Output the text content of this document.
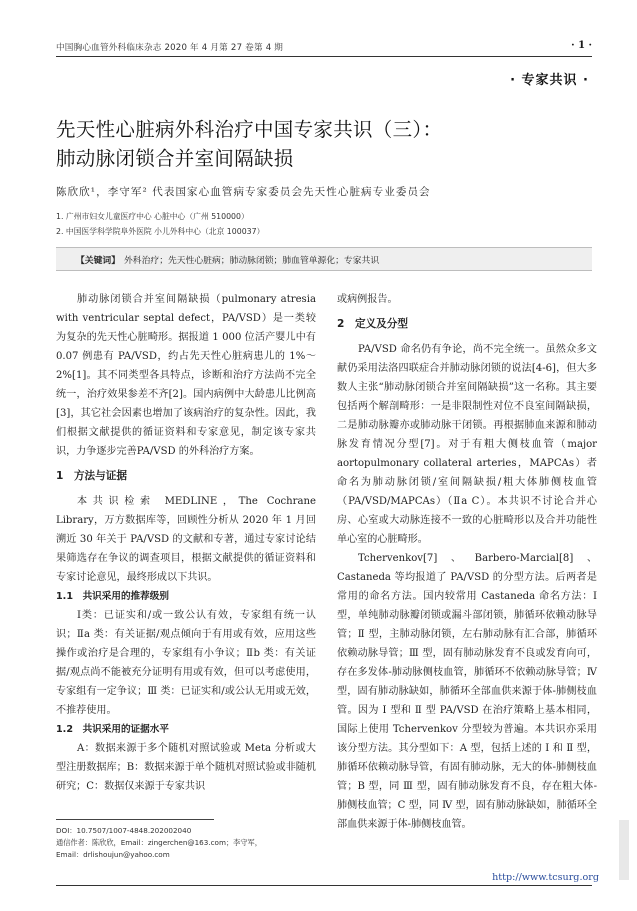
中国胸心血管外科临床杂志 2020 年 4 月第 27 卷第 4 期	· 1 ·
· 专家共识 ·
先天性心脏病外科治疗中国专家共识（三）：
肺动脉闭锁合并室间隔缺损
陈欣欣¹，李守军² 代表国家心血管病专家委员会先天性心脏病专业委员会
1. 广州市妇女儿童医疗中心 心脏中心（广州 510000）
2. 中国医学科学院阜外医院 小儿外科中心（北京 100037）
【关键词】 外科治疗；先天性心脏病；肺动脉闭锁；肺血管单源化；专家共识

肺动脉闭锁合并室间隔缺损（pulmonary atresia with ventricular septal defect，PA/VSD）是一类较为复杂的先天性心脏畸形。据报道 1 000 位活产婴儿中有 0.07 例患有 PA/VSD，约占先天性心脏病患儿的 1%～2%[1]。其不同类型各具特点，诊断和治疗方法尚不完全统一，治疗效果参差不齐[2]。国内病例中大龄患儿比例高[3]，其它社会因素也增加了该病治疗的复杂性。因此，我们根据文献提供的循证资料和专家意见，制定该专家共识，力争逐步完善PA/VSD 的外科治疗方案。

1　方法与证据

本共识检索 MEDLINE，The Cochrane Library，万方数据库等，回顾性分析从 2020 年 1 月回溯近 30 年关于 PA/VSD 的文献和专著，通过专家讨论结果筛选存在争议的调查项目，根据文献提供的循证资料和专家讨论意见，最终形成以下共识。

1.1　共识采用的推荐级别

Ⅰ类：已证实和/或一致公认有效，专家组有统一认识；Ⅱa 类：有关证据/观点倾向于有用或有效，应用这些操作或治疗是合理的，专家组有小争议；Ⅱb 类：有关证据/观点尚不能被充分证明有用或有效，但可以考虑使用，专家组有一定争议；Ⅲ 类：已证实和/或公认无用或无效，不推荐使用。

1.2　共识采用的证据水平

A：数据来源于多个随机对照试验或 Meta 分析或大型注册数据库；B：数据来源于单个随机对照试验或非随机研究；C：数据仅来源于专家共识

或病例报告。

2　定义及分型

PA/VSD 命名仍有争论，尚不完全统一。虽然众多文献仍采用法洛四联症合并肺动脉闭锁的说法[4-6]，但大多数人主张“肺动脉闭锁合并室间隔缺损”这一名称。其主要包括两个解剖畸形：一是非限制性对位不良室间隔缺损，二是肺动脉瓣亦或肺动脉干闭锁。再根据肺血来源和肺动脉发育情况分型[7]。对于有粗大侧枝血管（major aortopulmonary collateral arteries，MAPCAs）者命名为肺动脉闭锁/室间隔缺损/粗大体肺侧枝血管（PA/VSD/MAPCAs）（Ⅱa C）。本共识不讨论合并心房、心室或大动脉连接不一致的心脏畸形以及合并功能性单心室的心脏畸形。

Tchervenkov[7]、Barbero-Marcial[8]、Castaneda 等均报道了 PA/VSD 的分型方法。后两者是常用的命名方法。国内较常用 Castaneda 命名方法：Ⅰ型，单纯肺动脉瓣闭锁或漏斗部闭锁，肺循环依赖动脉导管；Ⅱ 型，主肺动脉闭锁，左右肺动脉有汇合部，肺循环依赖动脉导管；Ⅲ 型，固有肺动脉发育不良或发育向可，存在多发体-肺动脉侧枝血管，肺循环不依赖动脉导管；Ⅳ 型，固有肺动脉缺如，肺循环全部血供来源于体-肺侧枝血管。因为 Ⅰ 型和 Ⅱ 型 PA/VSD 在治疗策略上基本相同，国际上使用 Tchervenkov 分型较为普遍。本共识亦采用该分型方法。其分型如下：A 型，包括上述的 Ⅰ 和 Ⅱ 型，肺循环依赖动脉导管，有固有肺动脉，无大的体-肺侧枝血管；B 型，同 Ⅲ 型，固有肺动脉发育不良，存在粗大体-肺侧枝血管；C 型，同 Ⅳ 型，固有肺动脉缺如，肺循环全部血供来源于体-肺侧枝血管。

DOI：10.7507/1007-4848.202002040
通信作者：陈欣欣，Email：zingerchen@163.com；李守军，
Email：drlishoujun@yahoo.com
http://www.tcsurg.org
